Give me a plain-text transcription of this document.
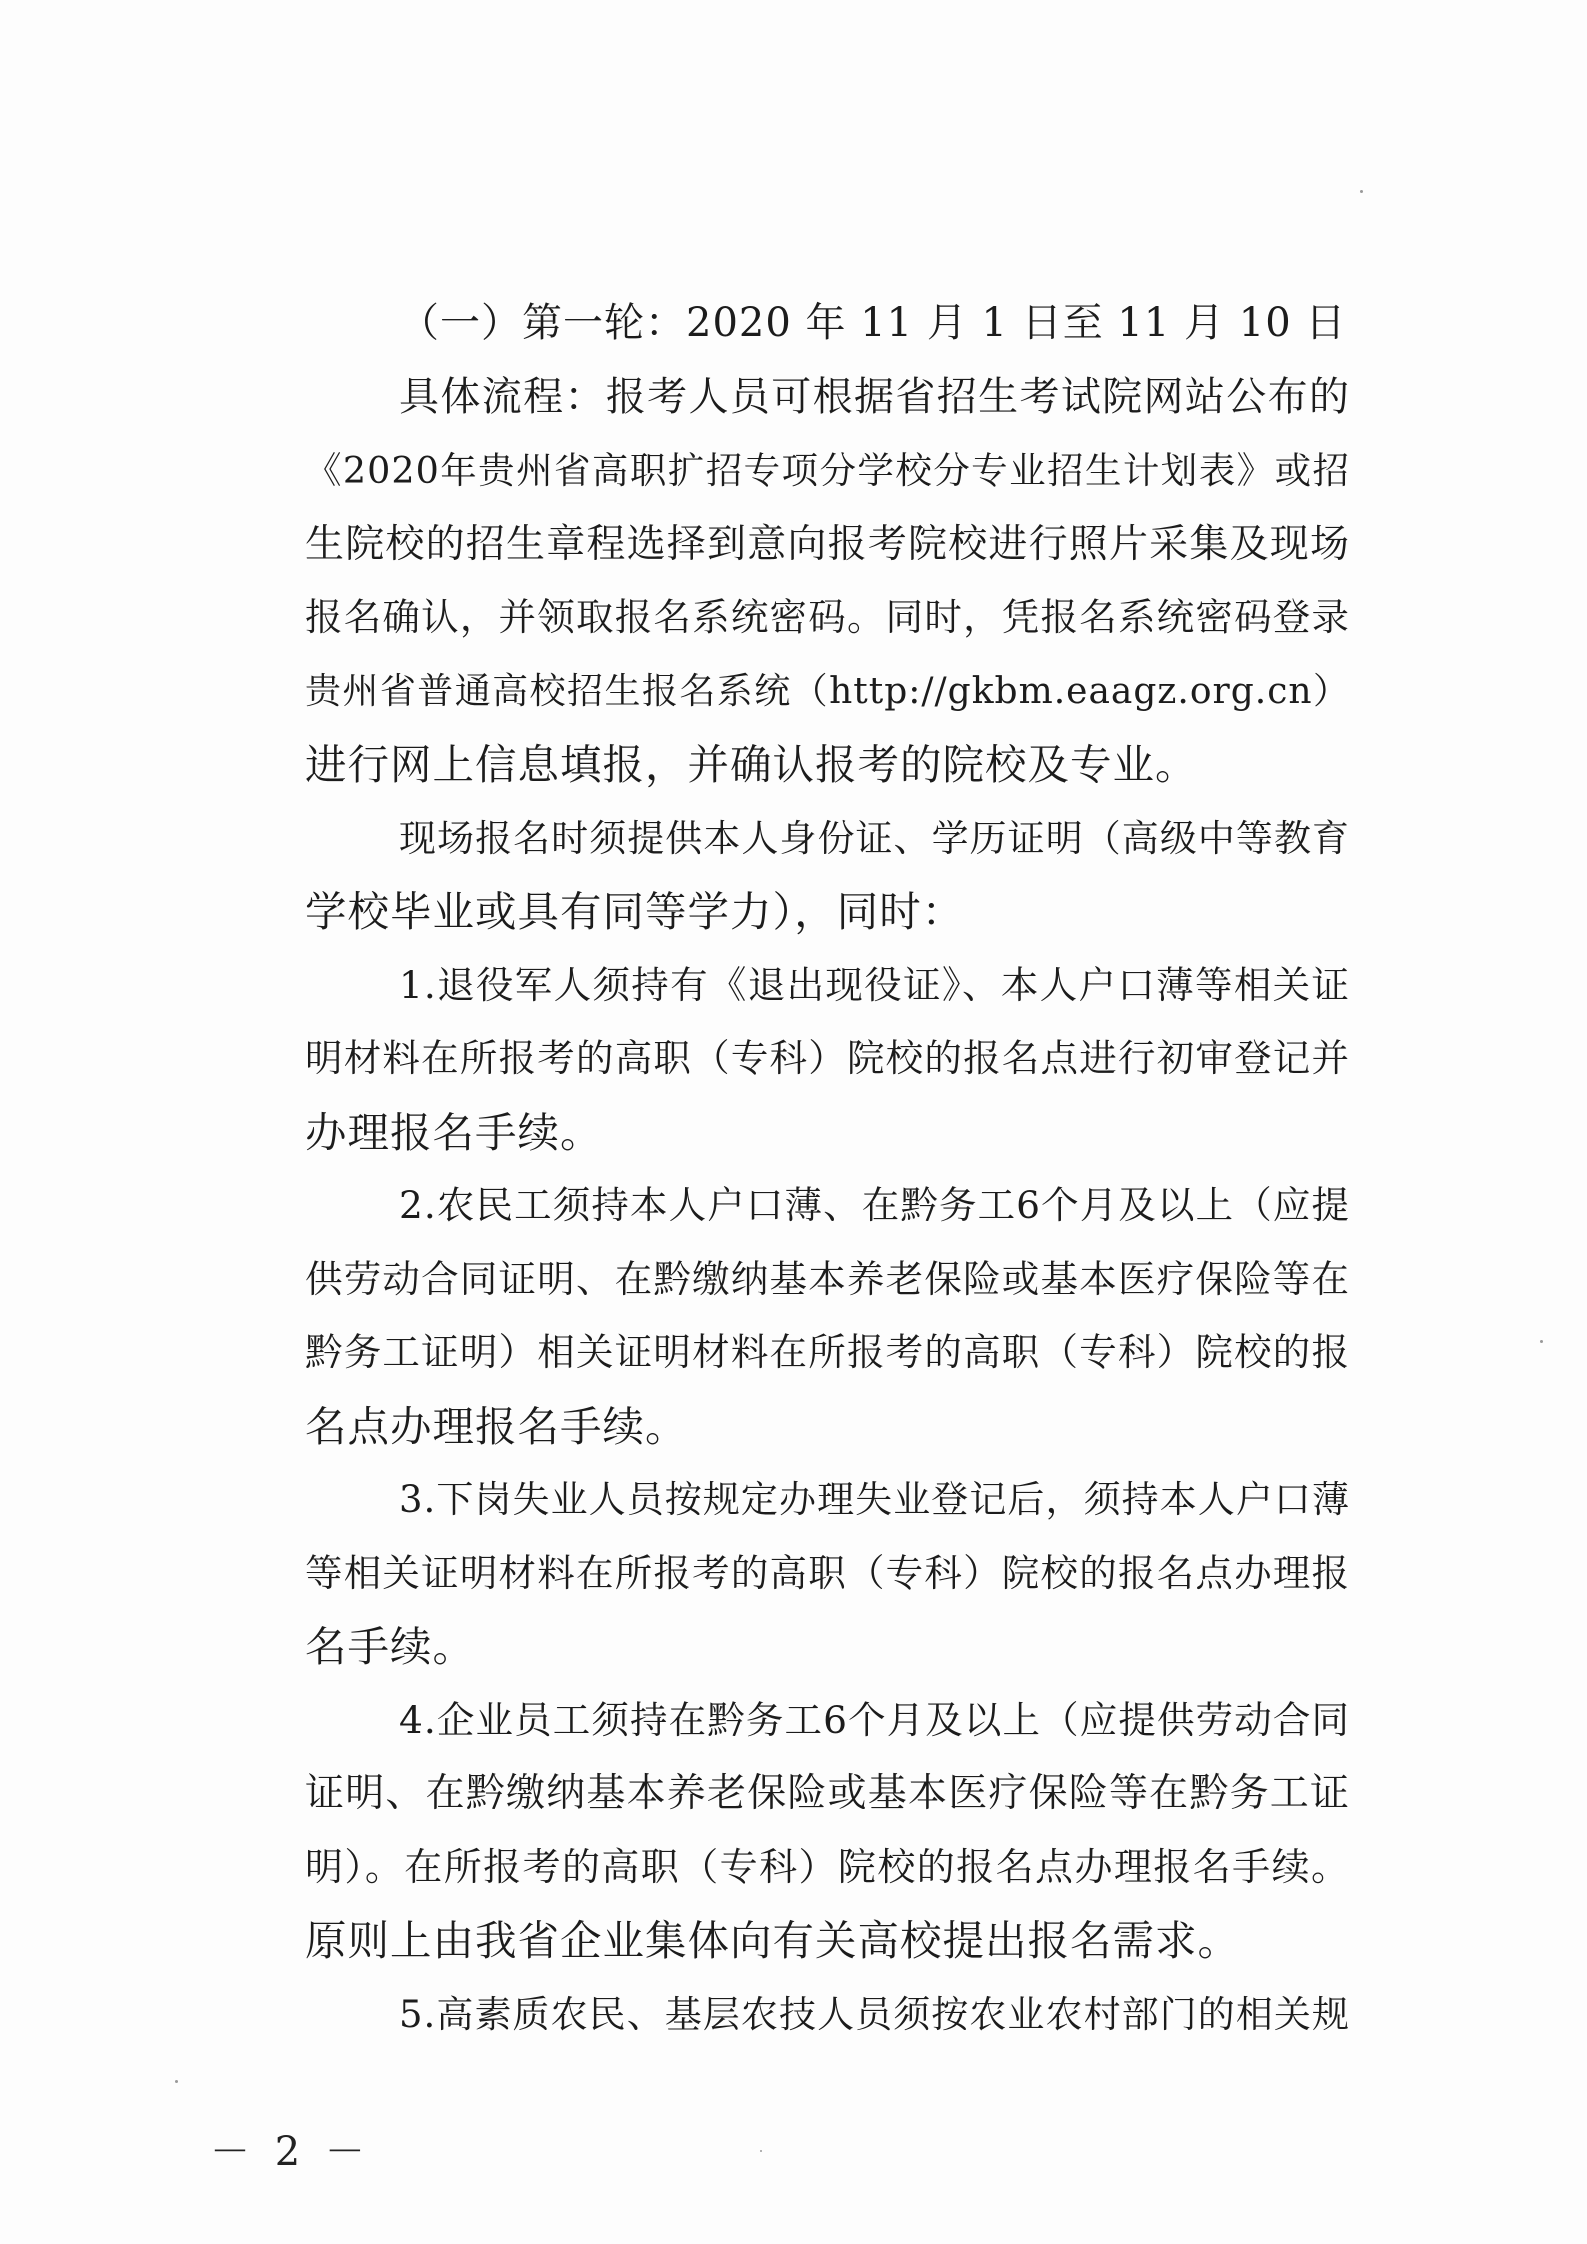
（一）第一轮：2020 年 11 月 1 日至 11 月 10 日
具体流程：报考人员可根据省招生考试院网站公布的
《2020年贵州省高职扩招专项分学校分专业招生计划表》或招
生院校的招生章程选择到意向报考院校进行照片采集及现场
报名确认，并领取报名系统密码。同时，凭报名系统密码登录
贵州省普通高校招生报名系统（http://gkbm.eaagz.org.cn）
进行网上信息填报，并确认报考的院校及专业。
现场报名时须提供本人身份证、学历证明（高级中等教育
学校毕业或具有同等学力），同时：
1.退役军人须持有《退出现役证》、本人户口薄等相关证
明材料在所报考的高职（专科）院校的报名点进行初审登记并
办理报名手续。
2.农民工须持本人户口薄、在黔务工6个月及以上（应提
供劳动合同证明、在黔缴纳基本养老保险或基本医疗保险等在
黔务工证明）相关证明材料在所报考的高职（专科）院校的报
名点办理报名手续。
3.下岗失业人员按规定办理失业登记后，须持本人户口薄
等相关证明材料在所报考的高职（专科）院校的报名点办理报
名手续。
4.企业员工须持在黔务工6个月及以上（应提供劳动合同
证明、在黔缴纳基本养老保险或基本医疗保险等在黔务工证
明）。在所报考的高职（专科）院校的报名点办理报名手续。
原则上由我省企业集体向有关高校提出报名需求。
5.高素质农民、基层农技人员须按农业农村部门的相关规
－ 2 －
